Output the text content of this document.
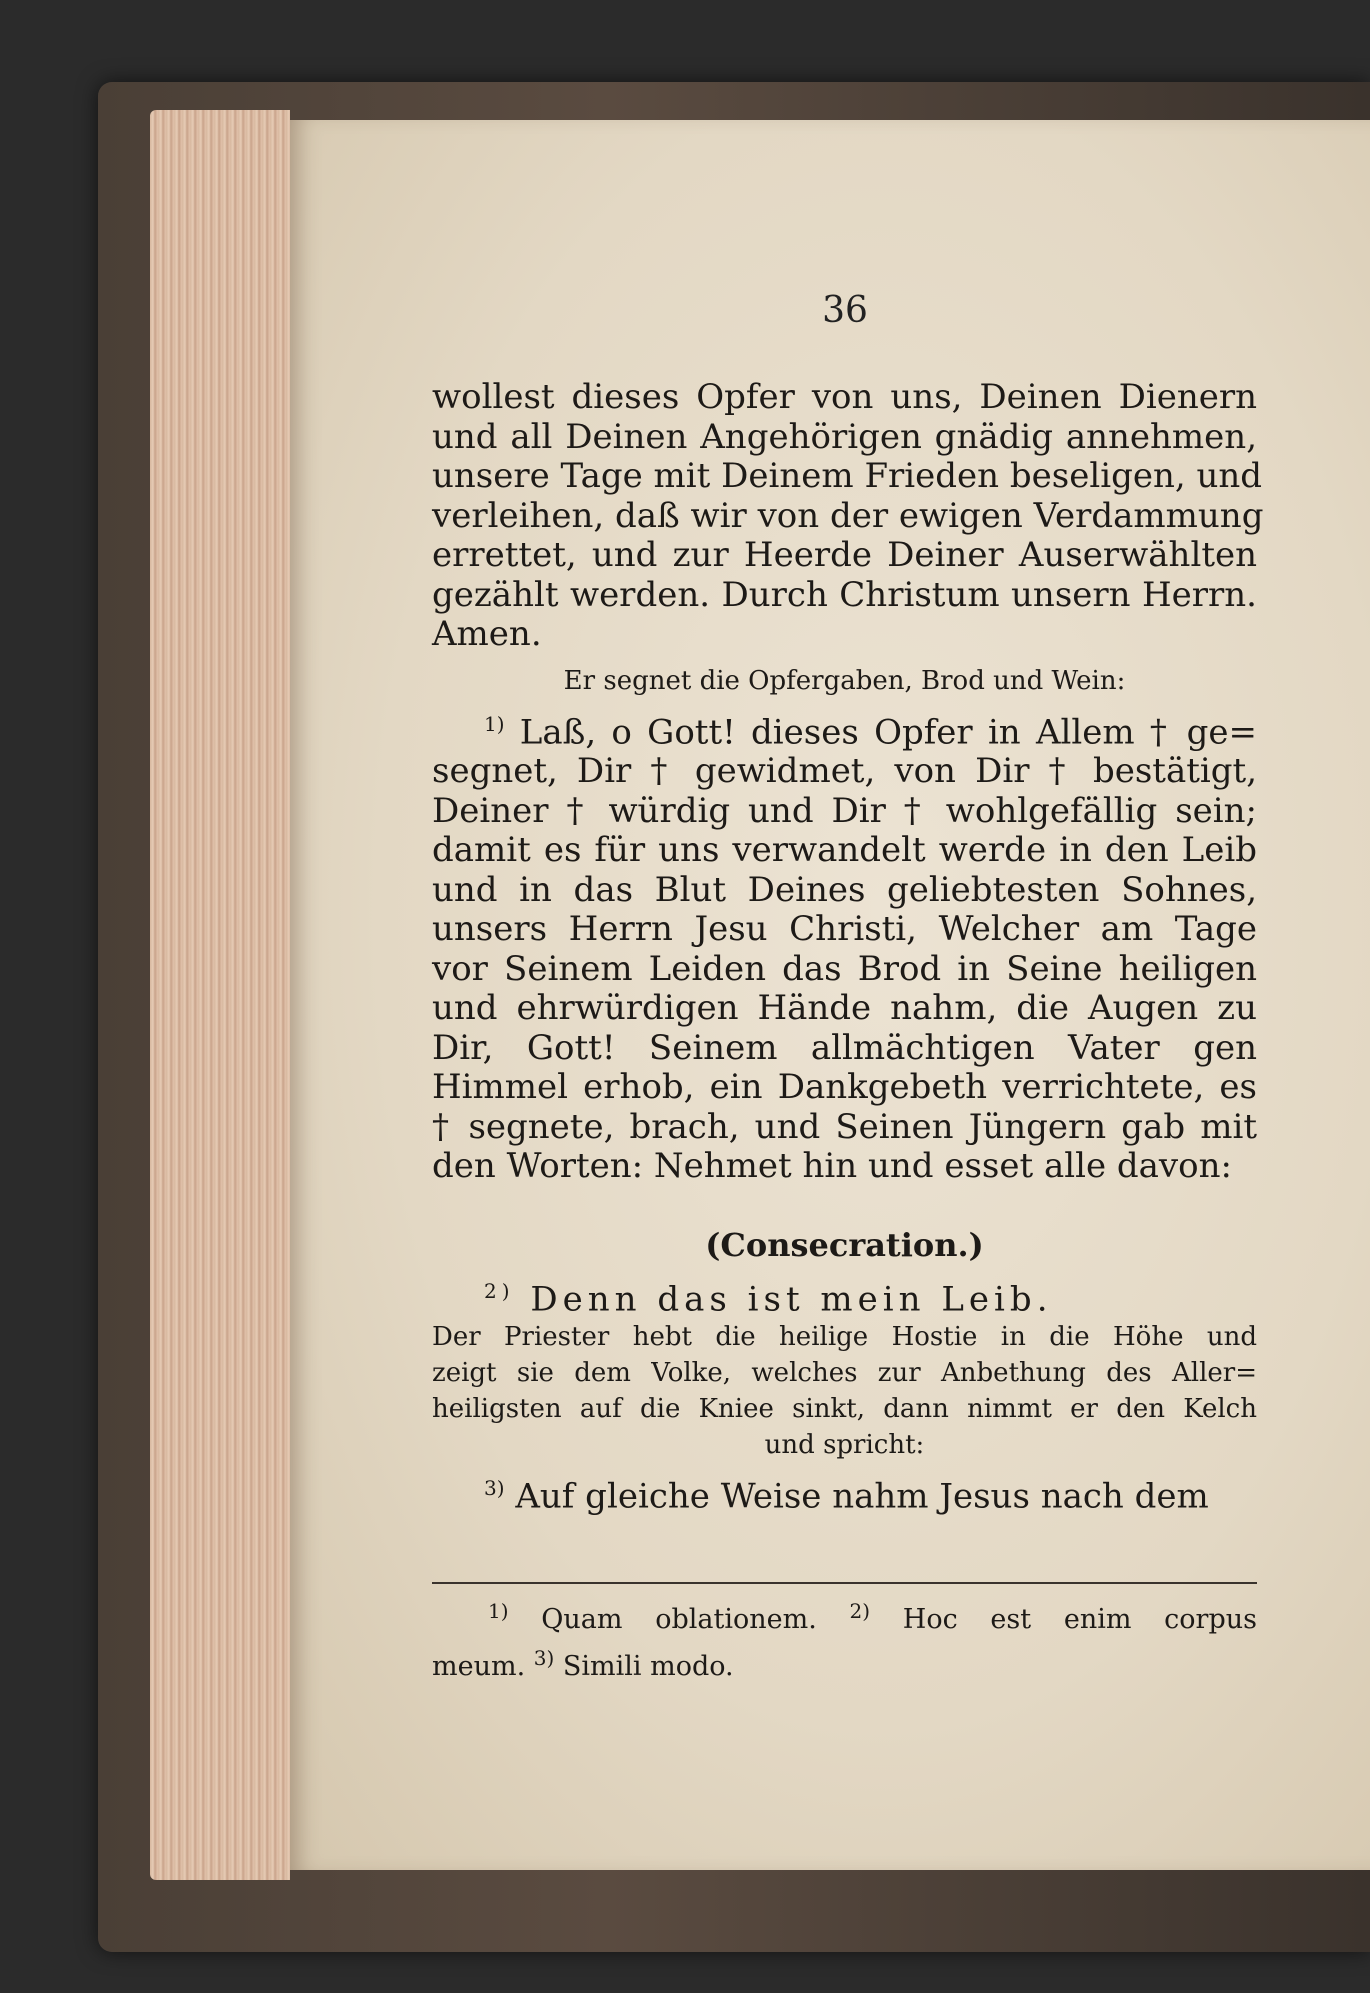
36
wollest dieses Opfer von uns, Deinen Dienern
und all Deinen Angehörigen gnädig annehmen,
unsere Tage mit Deinem Frieden beseligen, und
verleihen, daß wir von der ewigen Verdammung
errettet, und zur Heerde Deiner Auserwählten
gezählt werden. Durch Christum unsern Herrn.
Amen.
Er segnet die Opfergaben, Brod und Wein:
$^{1)}$ Laß, o Gott! dieses Opfer in Allem † ge=
segnet, Dir † gewidmet, von Dir † bestätigt,
Deiner † würdig und Dir † wohlgefällig sein;
damit es für uns verwandelt werde in den Leib
und in das Blut Deines geliebtesten Sohnes,
unsers Herrn Jesu Christi, Welcher am Tage
vor Seinem Leiden das Brod in Seine heiligen
und ehrwürdigen Hände nahm, die Augen zu
Dir, Gott! Seinem allmächtigen Vater gen
Himmel erhob, ein Dankgebeth verrichtete, es
† segnete, brach, und Seinen Jüngern gab mit
den Worten: Nehmet hin und esset alle davon:
(Consecration.)
$^{2)}$ Denn das ist mein Leib.
Der Priester hebt die heilige Hostie in die Höhe und
zeigt sie dem Volke, welches zur Anbethung des Aller=
heiligsten auf die Kniee sinkt, dann nimmt er den Kelch
und spricht:
$^{3)}$ Auf gleiche Weise nahm Jesus nach dem
$^{1)}$ Quam oblationem. $^{2)}$ Hoc est enim corpus
meum. $^{3)}$ Simili modo.
